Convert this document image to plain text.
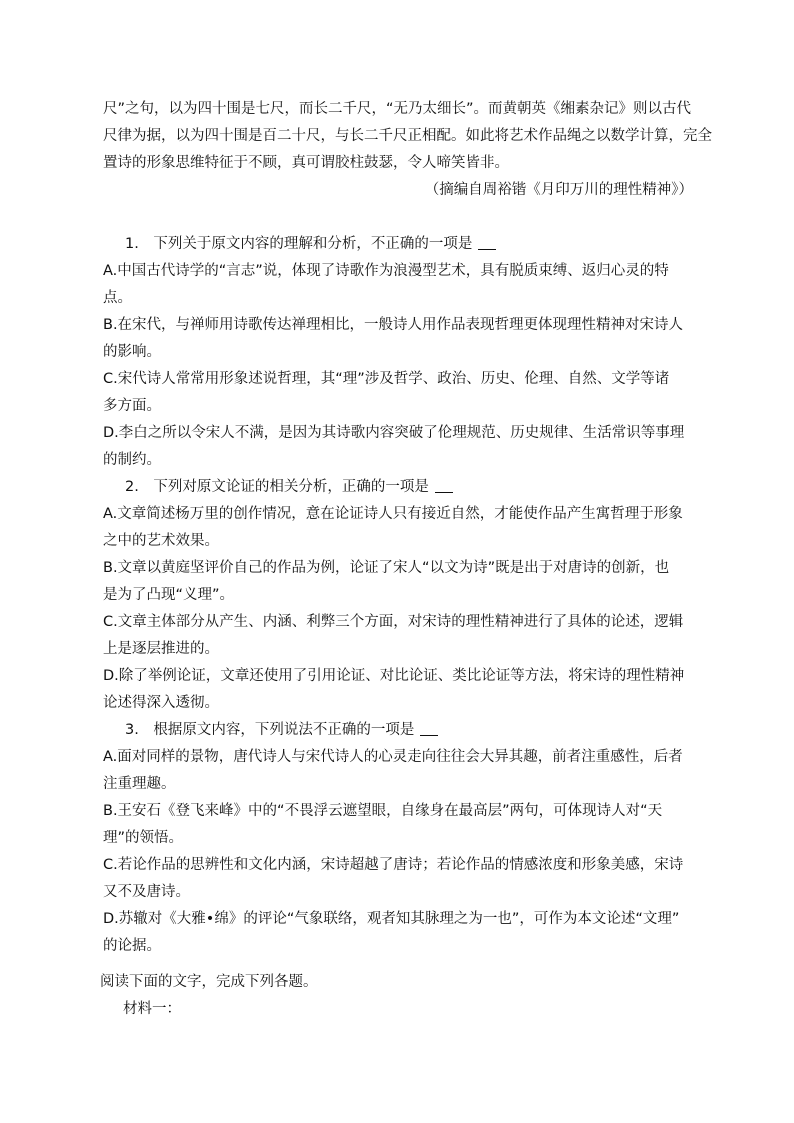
尺”之句，以为四十围是七尺，而长二千尺，“无乃太细长”。而黄朝英《缃素杂记》则以古代
尺律为据，以为四十围是百二十尺，与长二千尺正相配。如此将艺术作品绳之以数学计算，完全
置诗的形象思维特征于不顾，真可谓胶柱鼓瑟，令人啼笑皆非。
（摘编自周裕锴《月印万川的理性精神》）
1.　下列关于原文内容的理解和分析，不正确的一项是
A.中国古代诗学的“言志”说，体现了诗歌作为浪漫型艺术，具有脱质束缚、返归心灵的特
点。
B.在宋代，与禅师用诗歌传达禅理相比，一般诗人用作品表现哲理更体现理性精神对宋诗人
的影响。
C.宋代诗人常常用形象述说哲理，其“理”涉及哲学、政治、历史、伦理、自然、文学等诸
多方面。
D.李白之所以令宋人不满，是因为其诗歌内容突破了伦理规范、历史规律、生活常识等事理
的制约。
2.　下列对原文论证的相关分析，正确的一项是
A.文章简述杨万里的创作情况，意在论证诗人只有接近自然，才能使作品产生寓哲理于形象
之中的艺术效果。
B.文章以黄庭坚评价自己的作品为例，论证了宋人“以文为诗”既是出于对唐诗的创新，也
是为了凸现“义理”。
C.文章主体部分从产生、内涵、利弊三个方面，对宋诗的理性精神进行了具体的论述，逻辑
上是逐层推进的。
D.除了举例论证，文章还使用了引用论证、对比论证、类比论证等方法，将宋诗的理性精神
论述得深入透彻。
3.　根据原文内容，下列说法不正确的一项是
A.面对同样的景物，唐代诗人与宋代诗人的心灵走向往往会大异其趣，前者注重感性，后者
注重理趣。
B.王安石《登飞来峰》中的“不畏浮云遮望眼，自缘身在最高层”两句，可体现诗人对“天
理”的领悟。
C.若论作品的思辨性和文化内涵，宋诗超越了唐诗；若论作品的情感浓度和形象美感，宋诗
又不及唐诗。
D.苏辙对《大雅•绵》的评论“气象联络，观者知其脉理之为一也”，可作为本文论述“文理”
的论据。
阅读下面的文字，完成下列各题。
材料一：
